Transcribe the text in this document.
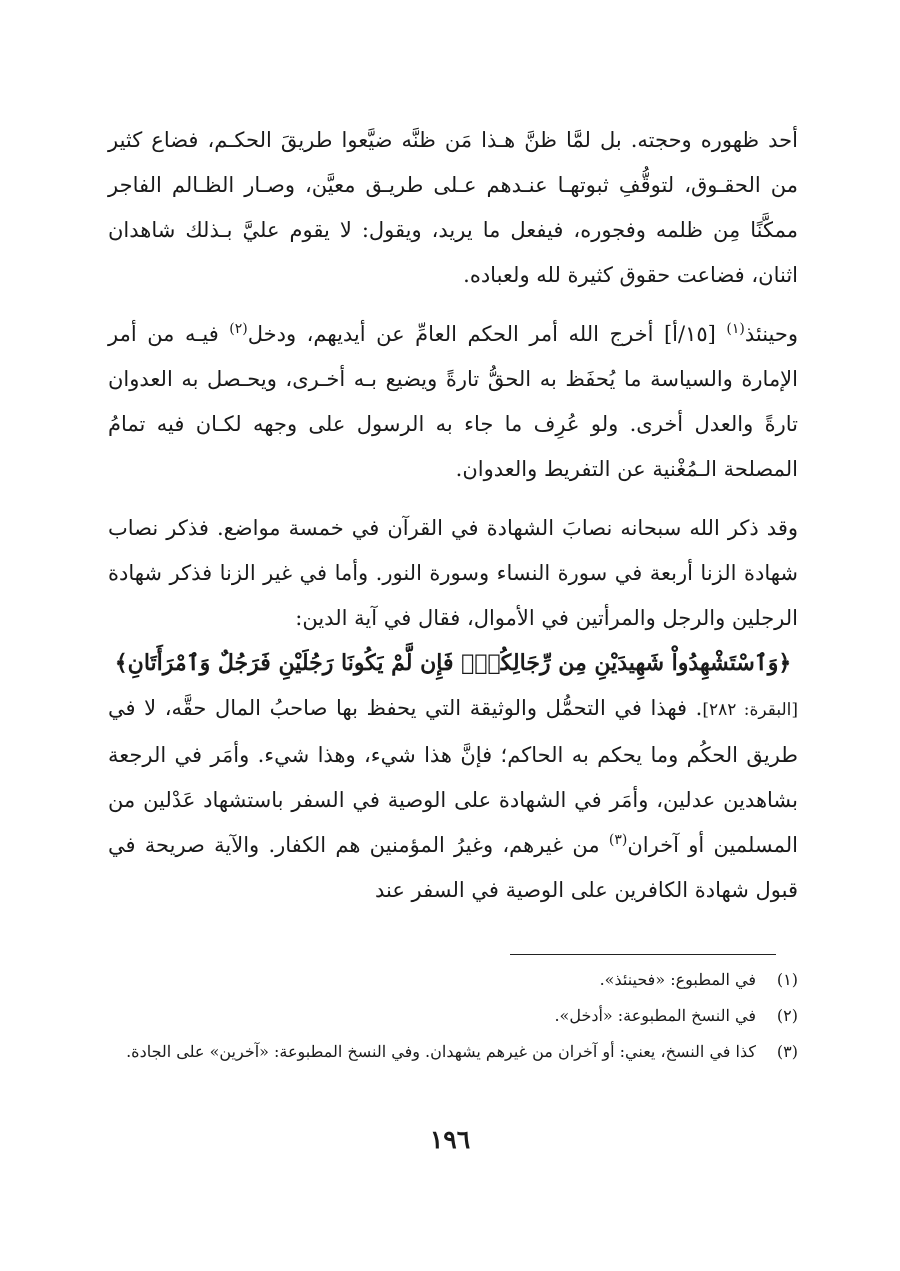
أحد ظهوره وحجته. بل لمَّا ظنَّ هـذا مَن ظنَّه ضيَّعوا طريقَ الحكـم، فضاع كثير من الحقـوق، لتوقُّفِ ثبوتهـا عنـدهم عـلى طريـق معيَّن، وصـار الظـالم الفاجر ممكَّنًا مِن ظلمه وفجوره، فيفعل ما يريد، ويقول: لا يقوم عليَّ بـذلك شاهدان اثنان، فضاعت حقوق كثيرة لله ولعباده.

وحينئذ$^{(١)}$ [١٥/أ] أخرج الله أمر الحكم العامِّ عن أيديهم، ودخل$^{(٢)}$ فيـه من أمر الإمارة والسياسة ما يُحفَظ به الحقُّ تارةً ويضيع بـه أخـرى، ويحـصل به العدوان تارةً والعدل أخرى. ولو عُرِف ما جاء به الرسول على وجهه لكـان فيه تمامُ المصلحة الـمُغْنية عن التفريط والعدوان.

وقد ذكر الله سبحانه نصابَ الشهادة في القرآن في خمسة مواضع. فذكر نصاب شهادة الزنا أربعة في سورة النساء وسورة النور. وأما في غير الزنا فذكر شهادة الرجلين والرجل والمرأتين في الأموال، فقال في آية الدين:

﴿وَٱسْتَشْهِدُواْ شَهِيدَيْنِ مِن رِّجَالِكُمْۖ فَإِن لَّمْ يَكُونَا رَجُلَيْنِ فَرَجُلٌ وَٱمْرَأَتَانِ﴾

[البقرة: ٢٨٢]. فهذا في التحمُّل والوثيقة التي يحفظ بها صاحبُ المال حقَّه، لا في طريق الحكُم وما يحكم به الحاكم؛ فإنَّ هذا شيء، وهذا شيء. وأمَر في الرجعة بشاهدين عدلين، وأمَر في الشهادة على الوصية في السفر باستشهاد عَدْلين من المسلمين أو آخران$^{(٣)}$ من غيرهم، وغيرُ المؤمنين هم الكفار. والآية صريحة في قبول شهادة الكافرين على الوصية في السفر عند

(١)
في المطبوع: «فحينئذ».
(٢)
في النسخ المطبوعة: «أدخل».
(٣)
كذا في النسخ، يعني: أو آخران من غيرهم يشهدان. وفي النسخ المطبوعة: «آخرين» على الجادة.
١٩٦
